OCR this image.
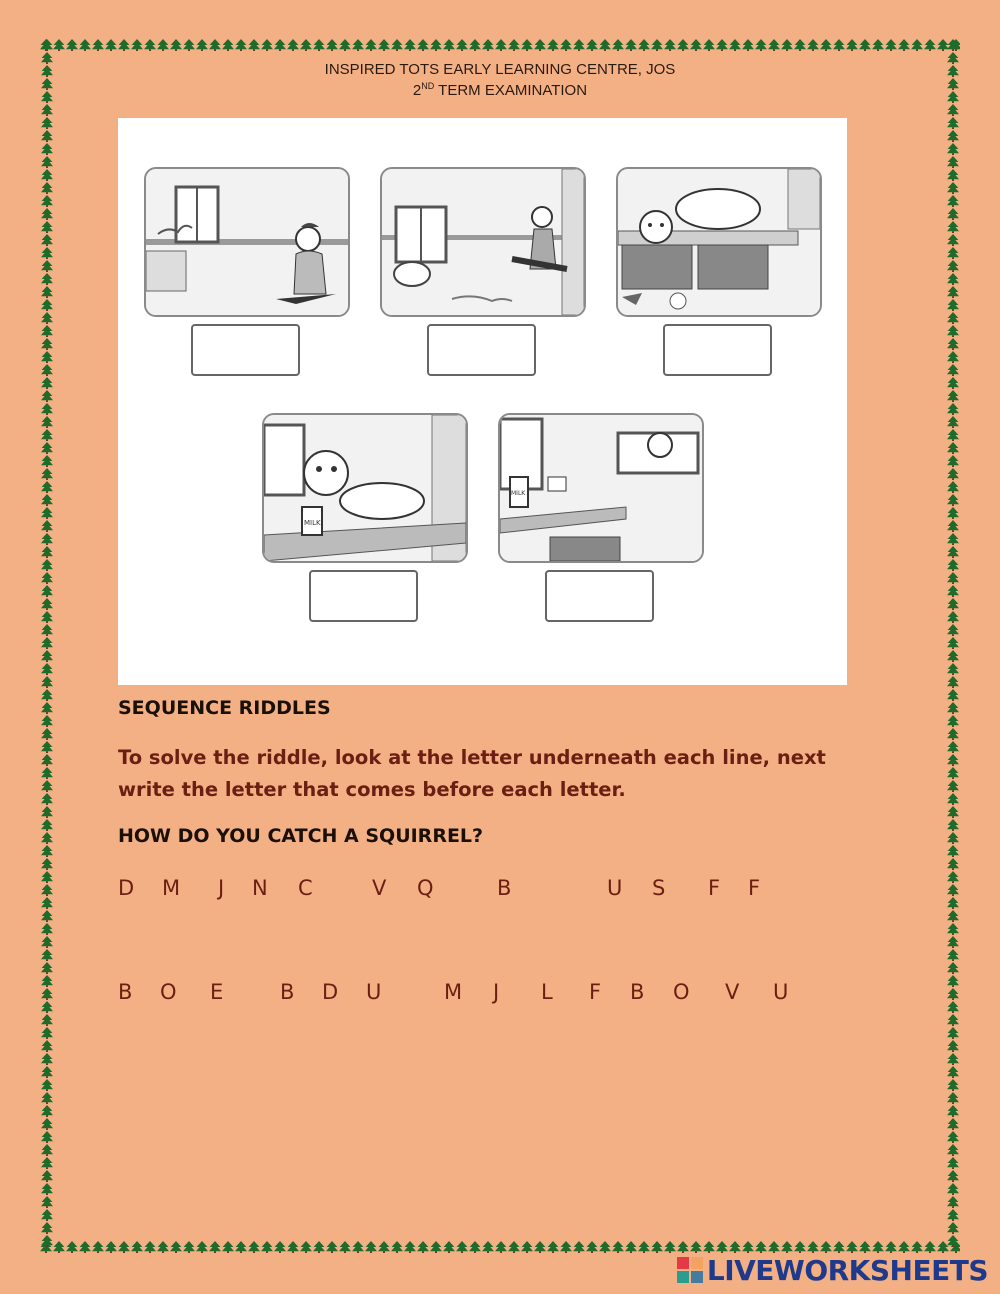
INSPIRED TOTS EARLY LEARNING CENTRE, JOS
2ND TERM EXAMINATION
MILK
MILK
SEQUENCE RIDDLES
To solve the riddle, look at the letter underneath each line, next write the letter that comes before each letter.
HOW DO YOU CATCH A SQUIRREL?
D M J N C	V Q	B	U S F F
B O E	B D U	M J L F B O V U
LIVEWORKSHEETS
